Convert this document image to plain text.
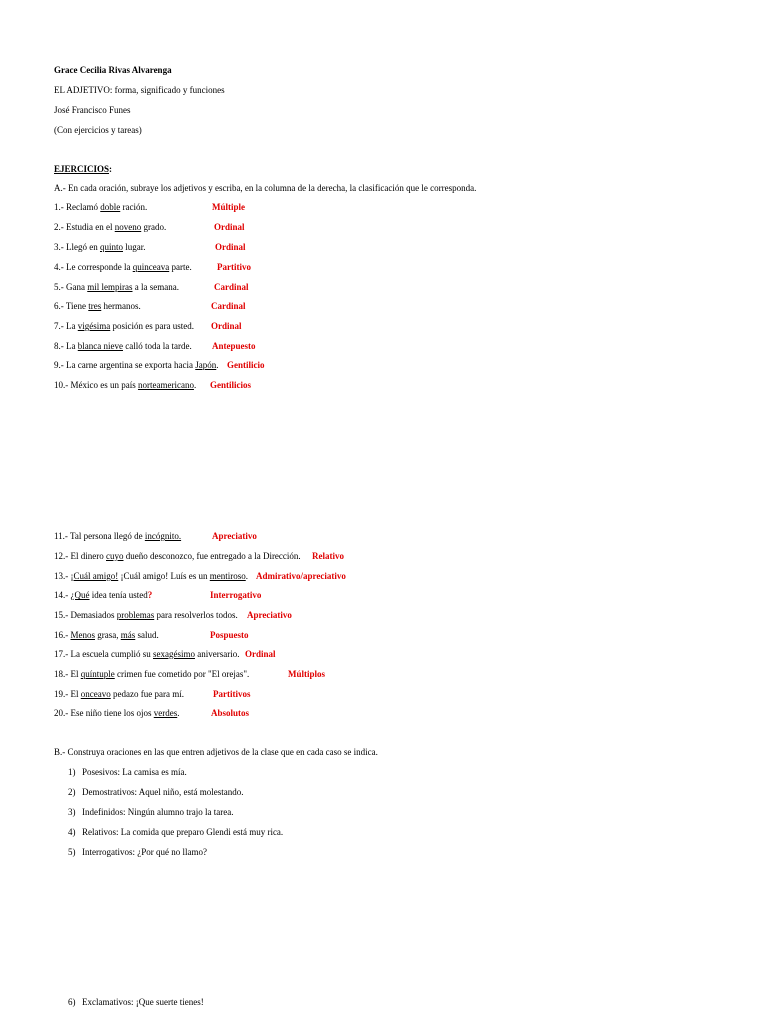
Grace Cecilia Rivas Alvarenga
EL ADJETIVO: forma, significado y funciones
José Francisco Funes
(Con ejercicios y tareas)
EJERCICIOS:
A.- En cada oración, subraye los adjetivos y escriba, en la columna de la derecha, la clasificación que le corresponda.
1.- Reclamó doble ración.	Múltiple
2.- Estudia en el noveno grado.	Ordinal
3.- Llegó en quinto lugar.	Ordinal
4.- Le corresponde la quinceava parte.	Partitivo
5.- Gana mil lempiras a la semana.	Cardinal
6.- Tiene tres hermanos.	Cardinal
7.- La vigésima posición es para usted. Ordinal
8.- La blanca nieve calló toda la tarde. Antepuesto
9.- La carne argentina se exporta hacia Japón. Gentilicio
10.- México es un país norteamericano. Gentilicios
11.- Tal persona llegó de incógnito.	Apreciativo
12.- El dinero cuyo dueño desconozco, fue entregado a la Dirección. Relativo
13.- ¡Cuál amigo! ¡Cuál amigo! Luís es un mentiroso. Admirativo/apreciativo
14.- ¿Qué idea tenía usted?	Interrogativo
15.- Demasiados problemas para resolverlos todos. Apreciativo
16.- Menos grasa, más salud.	Pospuesto
17.- La escuela cumplió su sexagésimo aniversario. Ordinal
18.- El quíntuple crimen fue cometido por "El orejas".	Múltiplos
19.- El onceavo pedazo fue para mí.	Partitivos
20.- Ese niño tiene los ojos verdes.	Absolutos
B.- Construya oraciones en las que entren adjetivos de la clase que en cada caso se indica.
1) Posesivos: La camisa es mía.
2) Demostrativos: Aquel niño, está molestando.
3) Indefinidos: Ningún alumno trajo la tarea.
4) Relativos: La comida que preparo Glendi está muy rica.
5) Interrogativos: ¿Por qué no llamo?
6) Exclamativos: ¡Que suerte tienes!
